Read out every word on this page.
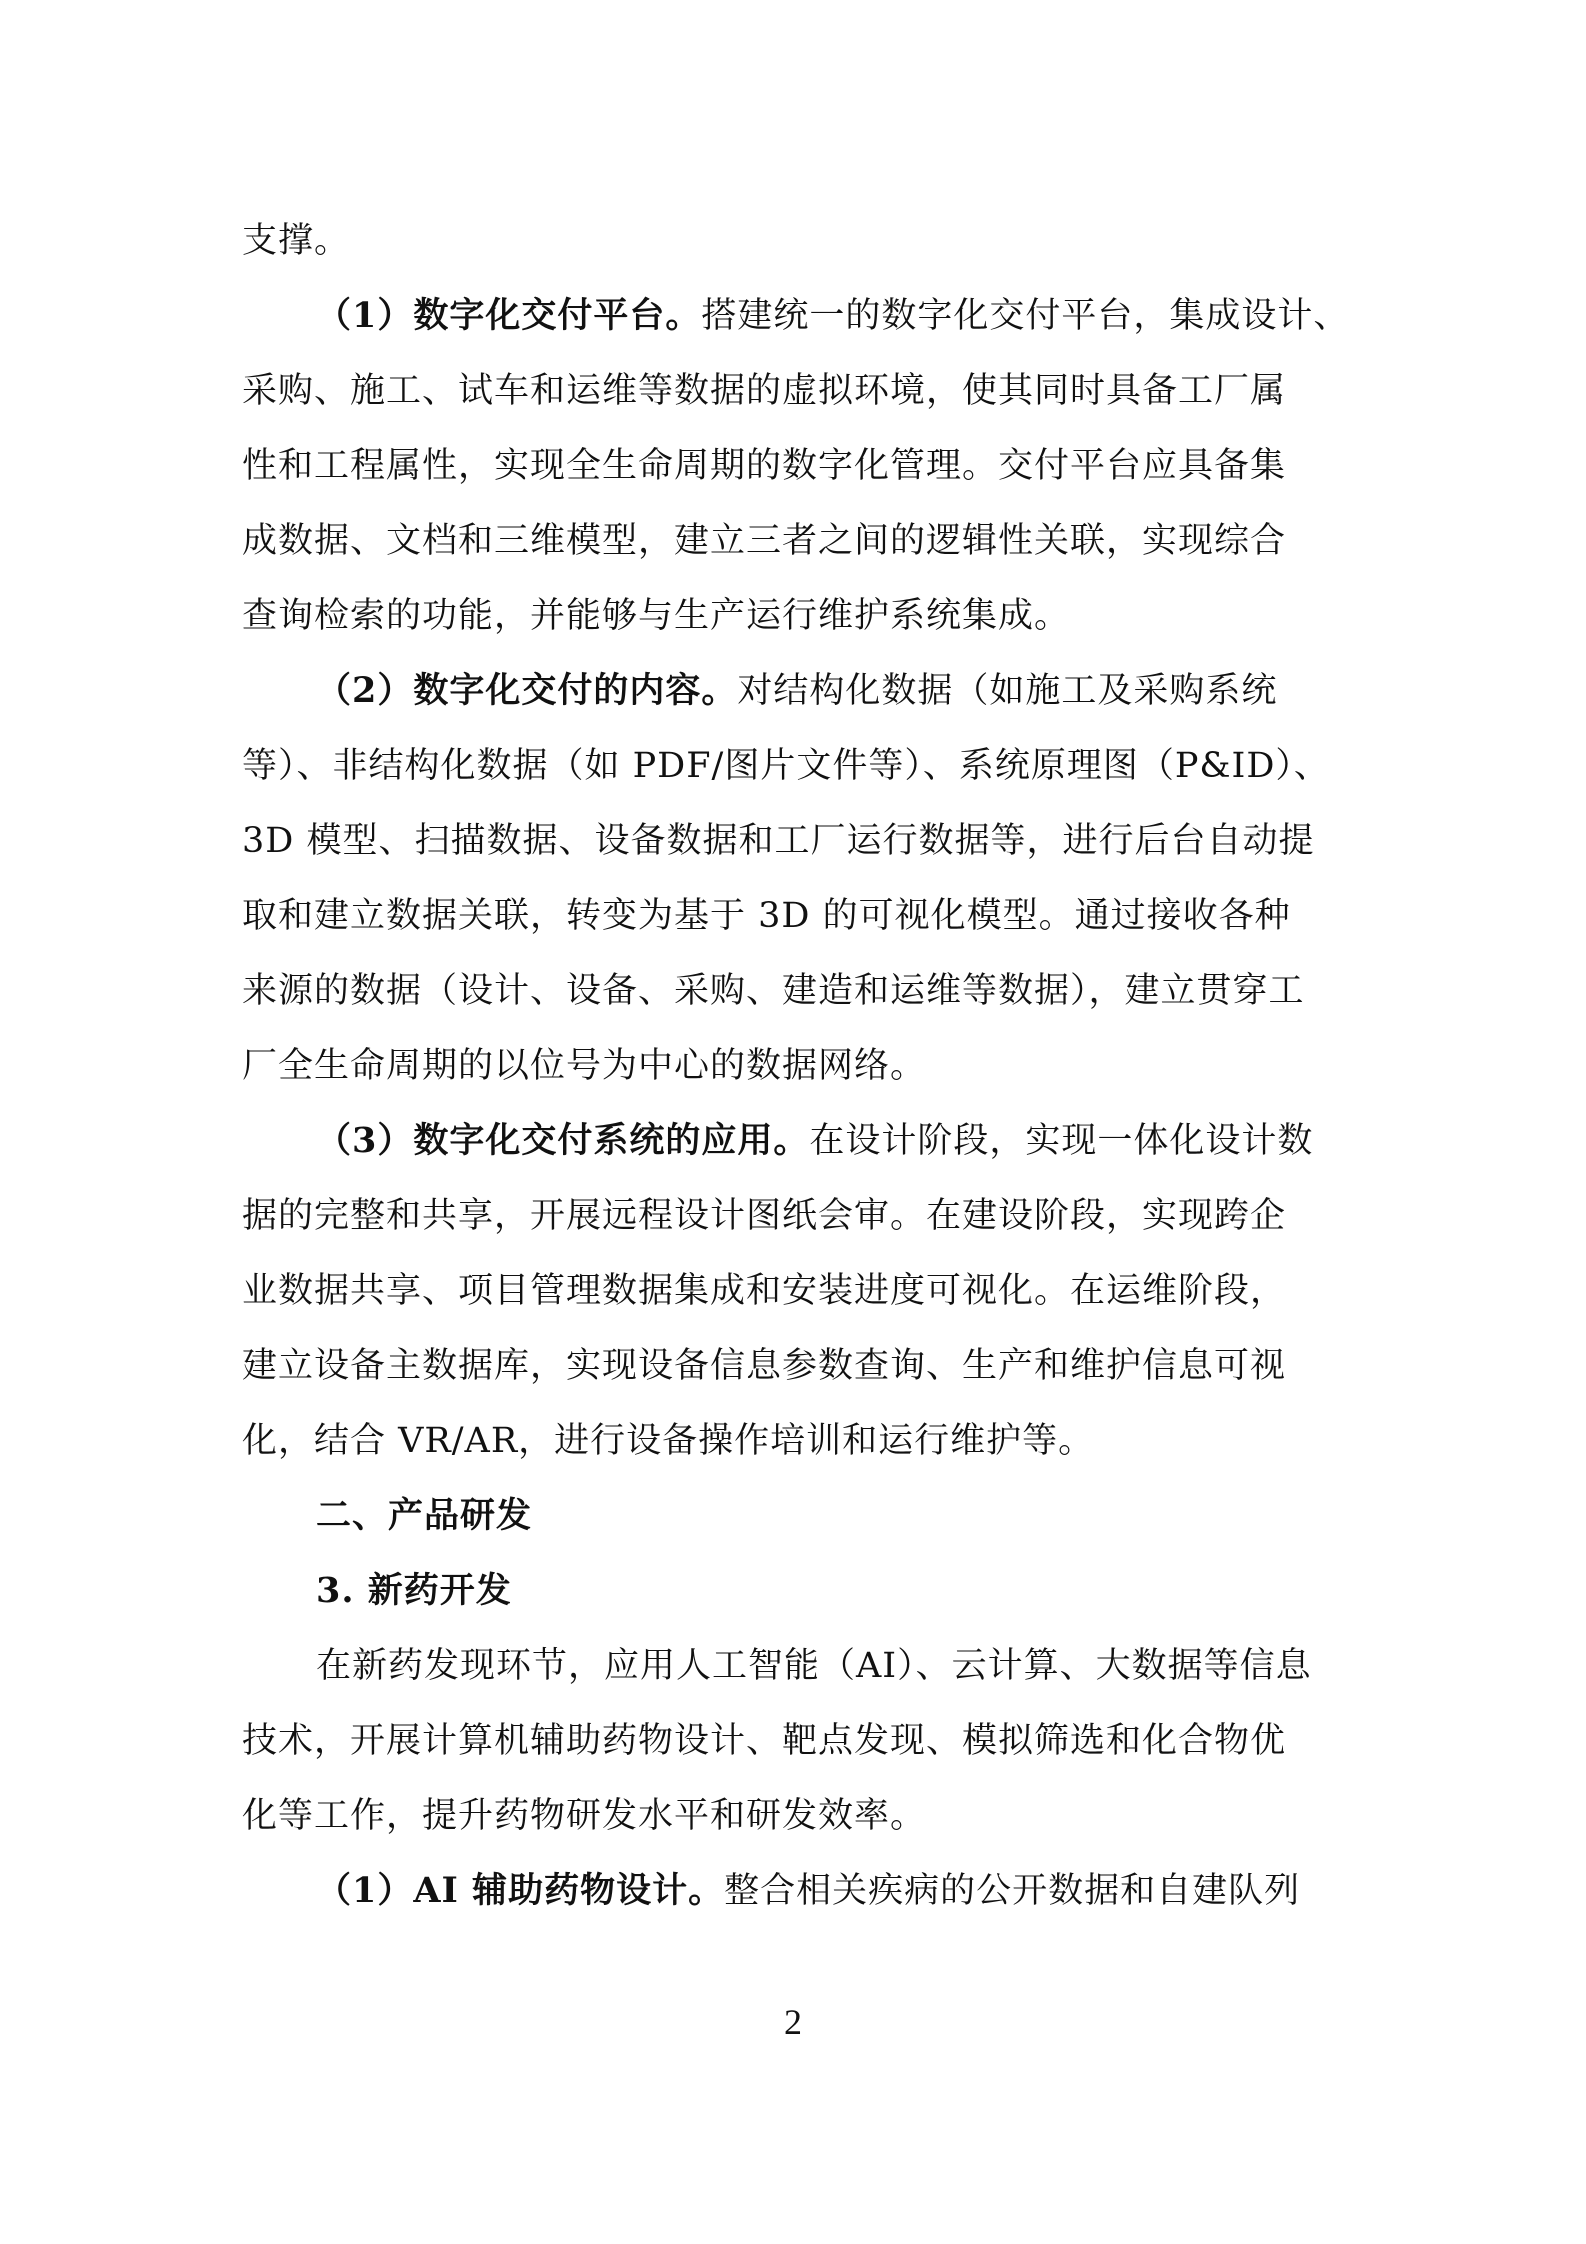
支撑。
（1）数字化交付平台。搭建统一的数字化交付平台，集成设计、
采购、施工、试车和运维等数据的虚拟环境，使其同时具备工厂属
性和工程属性，实现全生命周期的数字化管理。交付平台应具备集
成数据、文档和三维模型，建立三者之间的逻辑性关联，实现综合
查询检索的功能，并能够与生产运行维护系统集成。
（2）数字化交付的内容。对结构化数据（如施工及采购系统
等）、非结构化数据（如 PDF/图片文件等）、系统原理图（P&ID）、
3D 模型、扫描数据、设备数据和工厂运行数据等，进行后台自动提
取和建立数据关联，转变为基于 3D 的可视化模型。通过接收各种
来源的数据（设计、设备、采购、建造和运维等数据），建立贯穿工
厂全生命周期的以位号为中心的数据网络。
（3）数字化交付系统的应用。在设计阶段，实现一体化设计数
据的完整和共享，开展远程设计图纸会审。在建设阶段，实现跨企
业数据共享、项目管理数据集成和安装进度可视化。在运维阶段，
建立设备主数据库，实现设备信息参数查询、生产和维护信息可视
化，结合 VR/AR，进行设备操作培训和运行维护等。
二、产品研发
3. 新药开发
在新药发现环节，应用人工智能（AI）、云计算、大数据等信息
技术，开展计算机辅助药物设计、靶点发现、模拟筛选和化合物优
化等工作，提升药物研发水平和研发效率。
（1）AI 辅助药物设计。整合相关疾病的公开数据和自建队列
2
